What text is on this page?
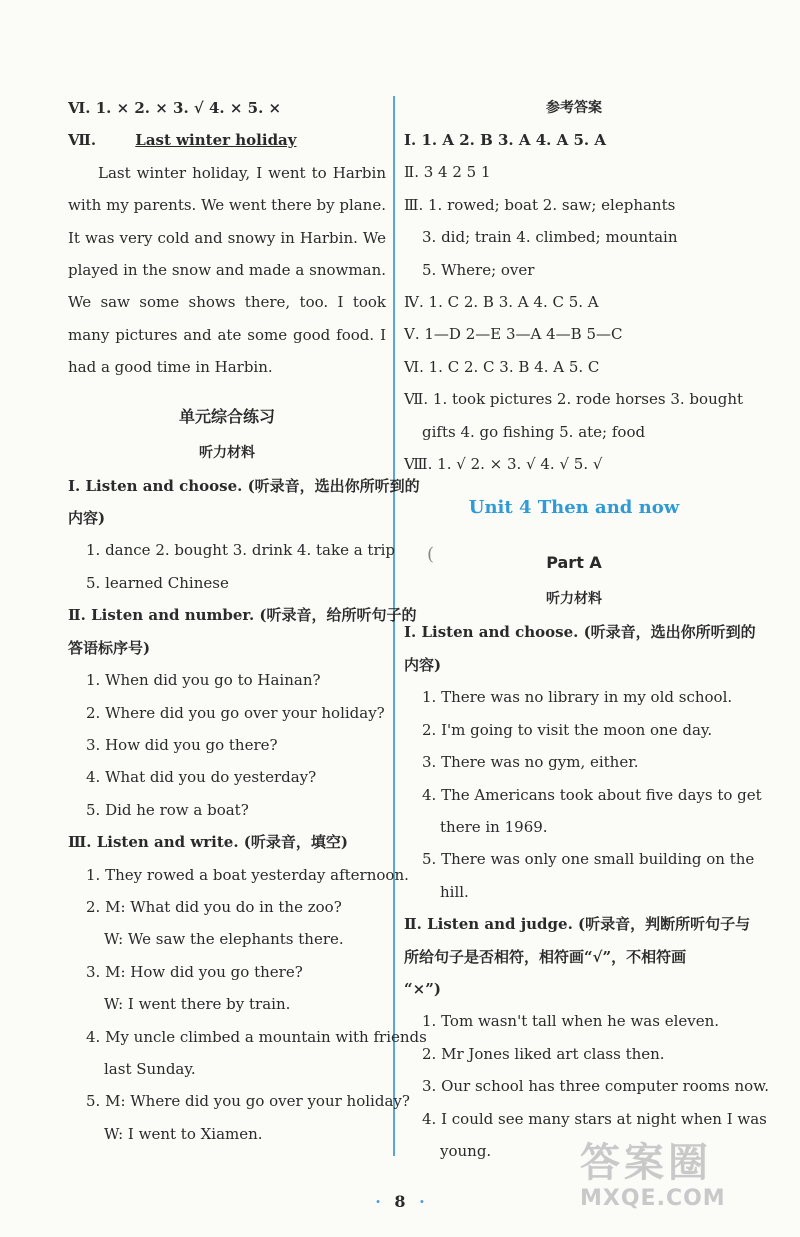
Ⅵ. 1. × 2. × 3. √ 4. × 5. ×
Ⅶ.	Last winter holiday
Last winter holiday, I went to Harbin with my parents. We went there by plane. It was very cold and snowy in Harbin. We played in the snow and made a snowman. We saw some shows there, too. I took many pictures and ate some good food. I had a good time in Harbin.
单元综合练习
听力材料
Ⅰ. Listen and choose. (听录音，选出你所听到的
内容)
1. dance 2. bought 3. drink 4. take a trip
5. learned Chinese
Ⅱ. Listen and number. (听录音，给所听句子的
答语标序号)
1. When did you go to Hainan?
2. Where did you go over your holiday?
3. How did you go there?
4. What did you do yesterday?
5. Did he row a boat?
Ⅲ. Listen and write. (听录音，填空)
1. They rowed a boat yesterday afternoon.
2. M: What did you do in the zoo?
W: We saw the elephants there.
3. M: How did you go there?
W: I went there by train.
4. My uncle climbed a mountain with friends
last Sunday.
5. M: Where did you go over your holiday?
W: I went to Xiamen.
参考答案
Ⅰ. 1. A 2. B 3. A 4. A 5. A
Ⅱ. 3 4 2 5 1
Ⅲ. 1. rowed; boat 2. saw; elephants
3. did; train 4. climbed; mountain
5. Where; over
Ⅳ. 1. C 2. B 3. A 4. C 5. A
Ⅴ. 1—D 2—E 3—A 4—B 5—C
Ⅵ. 1. C 2. C 3. B 4. A 5. C
Ⅶ. 1. took pictures 2. rode horses 3. bought
gifts 4. go fishing 5. ate; food
Ⅷ. 1. √ 2. × 3. √ 4. √ 5. √
Unit 4 Then and now
Part A
听力材料
Ⅰ. Listen and choose. (听录音，选出你所听到的
内容)
1. There was no library in my old school.
2. I'm going to visit the moon one day.
3. There was no gym, either.
4. The Americans took about five days to get
there in 1969.
5. There was only one small building on the
hill.
Ⅱ. Listen and judge. (听录音，判断所听句子与
所给句子是否相符，相符画“√”，不相符画
“×”)
1. Tom wasn't tall when he was eleven.
2. Mr Jones liked art class then.
3. Our school has three computer rooms now.
4. I could see many stars at night when I was
young.
(
· 8 ·
答案圈
MXQE.COM
